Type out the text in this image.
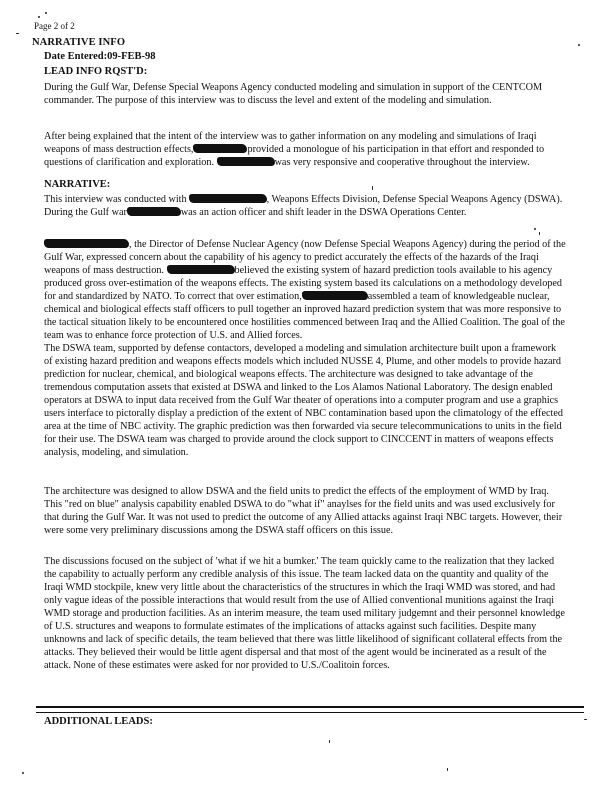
Page 2 of 2
NARRATIVE INFO
Date Entered:09-FEB-98
LEAD INFO RQST'D:

During the Gulf War, Defense Special Weapons Agency conducted modeling and simulation in support of the CENTCOM commander. The purpose of this interview was to discuss the level and extent of the modeling and simulation.

After being explained that the intent of the interview was to gather information on any modeling and simulations of Iraqi weapons of mass destruction effects,	provided a monologue of his participation in that effort and responded to questions of clarification and exploration.	was very responsive and cooperative throughout the interview.

NARRATIVE:

This interview was conducted with	, Weapons Effects Division, Defense Special Weapons Agency (DSWA). During the Gulf war	was an action officer and shift leader in the DSWA Operations Center.

, the Director of Defense Nuclear Agency (now Defense Special Weapons Agency) during the period of the Gulf War, expressed concern about the capability of his agency to predict accurately the effects of the hazards of the Iraqi weapons of mass destruction.	believed the existing system of hazard prediction tools available to his agency produced gross over-estimation of the weapons effects. The existing system based its calculations on a methodology developed for and standardized by NATO. To correct that over estimation,	assembled a team of knowledgeable nuclear, chemical and biological effects staff officers to pull together an inproved hazard prediction system that was more responsive to the tactical situation likely to be encountered once hostilities commenced between Iraq and the Allied Coalition. The goal of the team was to enhance force protection of U.S. and Allied forces.

The DSWA team, supported by defense contactors, developed a modeling and simulation architecture built upon a framework of existing hazard predition and weapons effects models which included NUSSE 4, Plume, and other models to provide hazard prediction for nuclear, chemical, and biological weapons effects. The architecture was designed to take advantage of the tremendous computation assets that existed at DSWA and linked to the Los Alamos National Laboratory. The design enabled operators at DSWA to input data received from the Gulf War theater of operations into a computer program and use a graphics users interface to pictorally display a prediction of the extent of NBC contamination based upon the climatology of the effected area at the time of NBC activity. The graphic prediction was then forwarded via secure telecommunications to units in the field for their use. The DSWA team was charged to provide around the clock support to CINCCENT in matters of weapons effects analysis, modeling, and simulation.

The architecture was designed to allow DSWA and the field units to predict the effects of the employment of WMD by Iraq. This "red on blue" analysis capability enabled DSWA to do "what if" anaylses for the field units and was used exclusively for that during the Gulf War. It was not used to predict the outcome of any Allied attacks against Iraqi NBC targets. However, their were some very preliminary discussions among the DSWA staff officers on this issue.

The discussions focused on the subject of 'what if we hit a bumker.' The team quickly came to the realization that they lacked the capability to actually perform any credible analysis of this issue. The team lacked data on the quantity and quality of the Iraqi WMD stockpile, knew very little about the characteristics of the structures in which the Iraqi WMD was stored, and had only vague ideas of the possible interactions that would result from the use of Allied conventional munitions against the Iraqi WMD storage and production facilities. As an interim measure, the team used military judgemnt and their personnel knowledge of U.S. structures and weapons to formulate estimates of the implications of attacks against such facilities. Despite many unknowns and lack of specific details, the team believed that there was little likelihood of significant collateral effects from the attacks. They believed their would be little agent dispersal and that most of the agent would be incinerated as a result of the attack. None of these estimates were asked for nor provided to U.S./Coalitoin forces.

ADDITIONAL LEADS:
